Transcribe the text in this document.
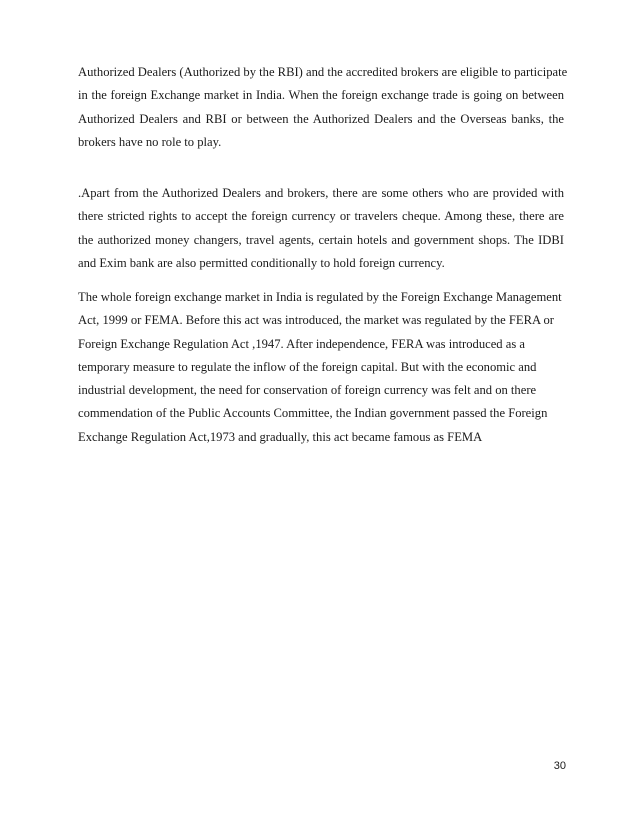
Authorized Dealers (Authorized by the RBI) and the accredited brokers are eligible to participate
in the foreign Exchange market in India. When the foreign exchange trade is going on between
Authorized Dealers and RBI or between the Authorized Dealers and the Overseas banks, the
brokers have no role to play.
.Apart from the Authorized Dealers and brokers, there are some others who are provided with
there stricted rights to accept the foreign currency or travelers cheque. Among these, there are
the authorized money changers, travel agents, certain hotels and government shops. The IDBI
and Exim bank are also permitted conditionally to hold foreign currency.
The whole foreign exchange market in India is regulated by the Foreign Exchange Management
Act, 1999 or FEMA. Before this act was introduced, the market was regulated by the FERA or
Foreign Exchange Regulation Act ,1947. After independence, FERA was introduced as a
temporary measure to regulate the inflow of the foreign capital. But with the economic and
industrial development, the need for conservation of foreign currency was felt and on there
commendation of the Public Accounts Committee, the Indian government passed the Foreign
Exchange Regulation Act,1973 and gradually, this act became famous as FEMA
30
